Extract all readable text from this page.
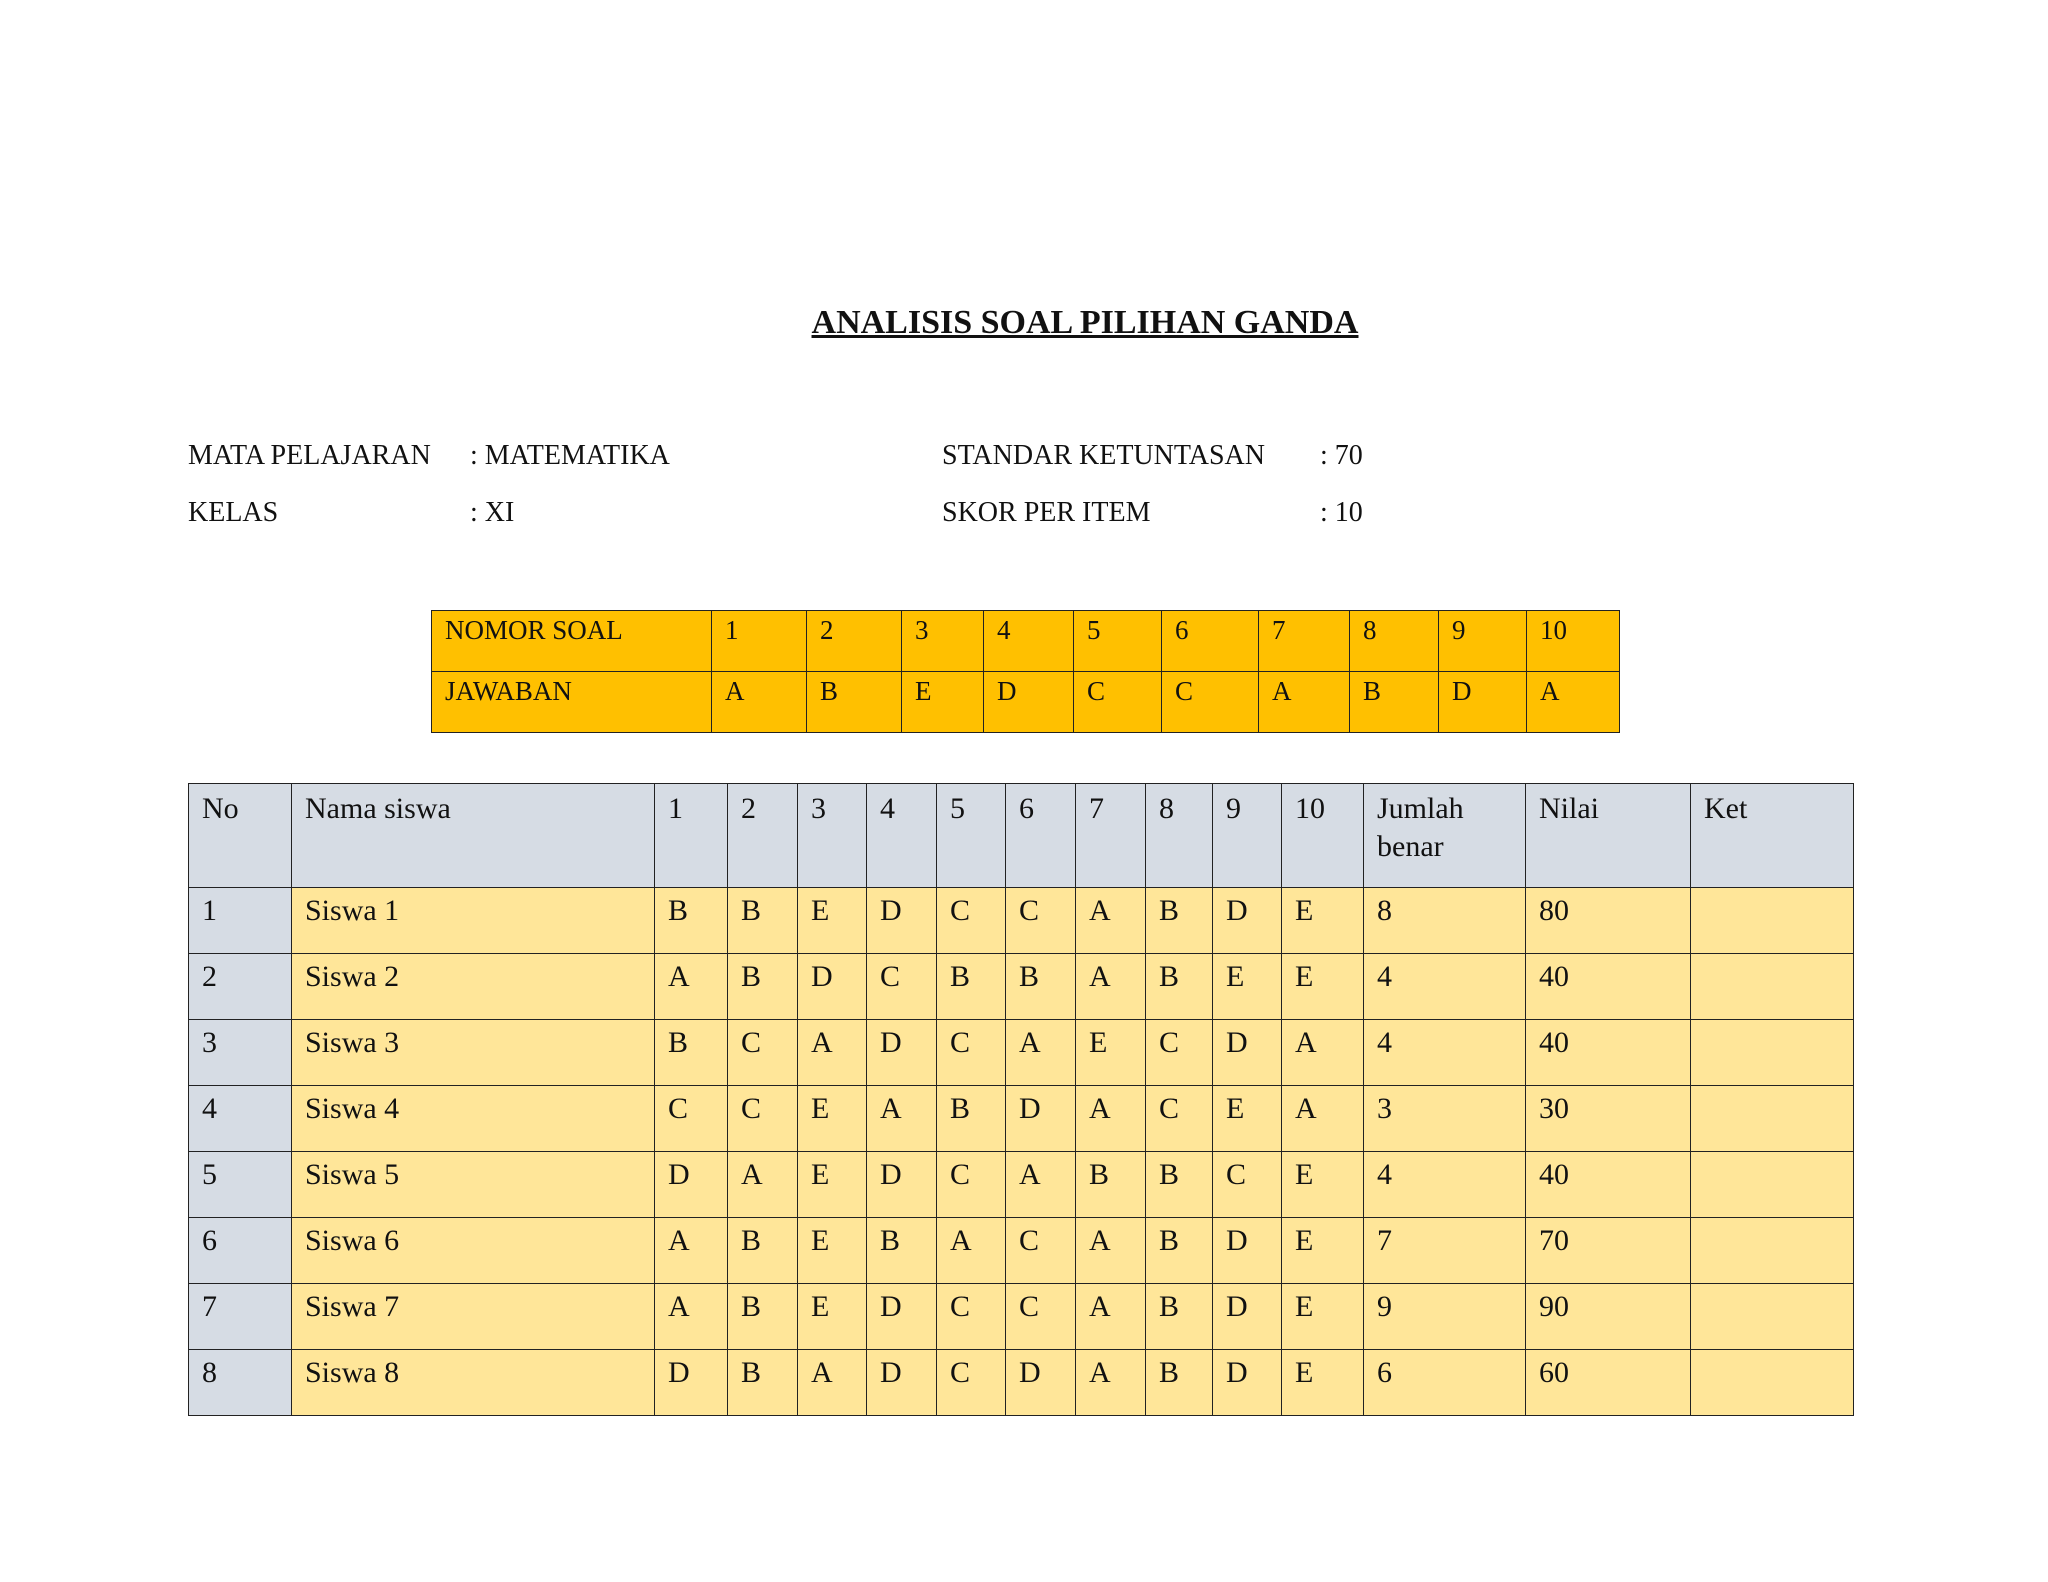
ANALISIS SOAL PILIHAN GANDA
MATA PELAJARAN : MATEMATIKA
KELAS	: XI
STANDAR KETUNTASAN : 70
SKOR PER ITEM	: 10
NOMOR SOAL	1	2	3	4	5	6	7	8	9	10
JAWABAN	A	B	E	D	C	C	A	B	D	A
No	Nama siswa	1	2	3	4	5	6	7	8	9	10	Jumlah benar	Nilai	Ket
1	Siswa 1	B	B	E	D	C	C	A	B	D	E	8	80	
2	Siswa 2	A	B	D	C	B	B	A	B	E	E	4	40	
3	Siswa 3	B	C	A	D	C	A	E	C	D	A	4	40	
4	Siswa 4	C	C	E	A	B	D	A	C	E	A	3	30	
5	Siswa 5	D	A	E	D	C	A	B	B	C	E	4	40	
6	Siswa 6	A	B	E	B	A	C	A	B	D	E	7	70	
7	Siswa 7	A	B	E	D	C	C	A	B	D	E	9	90	
8	Siswa 8	D	B	A	D	C	D	A	B	D	E	6	60	
